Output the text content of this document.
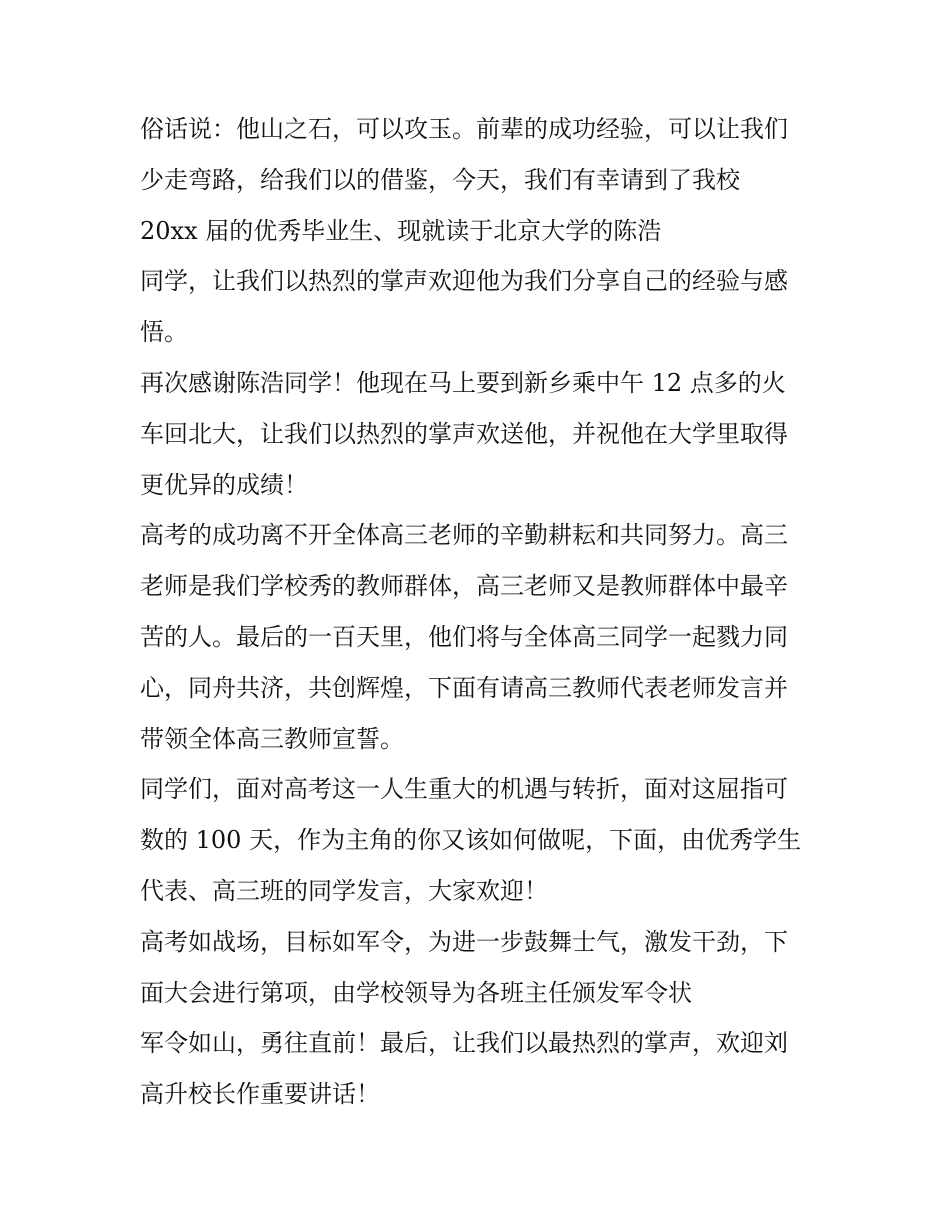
俗话说：他山之石，可以攻玉。前辈的成功经验，可以让我们
少走弯路，给我们以的借鉴，今天，我们有幸请到了我校
20xx 届的优秀毕业生、现就读于北京大学的陈浩
同学，让我们以热烈的掌声欢迎他为我们分享自己的经验与感
悟。
再次感谢陈浩同学！他现在马上要到新乡乘中午 12 点多的火
车回北大，让我们以热烈的掌声欢送他，并祝他在大学里取得
更优异的成绩！
高考的成功离不开全体高三老师的辛勤耕耘和共同努力。高三
老师是我们学校秀的教师群体，高三老师又是教师群体中最辛
苦的人。最后的一百天里，他们将与全体高三同学一起戮力同
心，同舟共济，共创辉煌，下面有请高三教师代表老师发言并
带领全体高三教师宣誓。
同学们，面对高考这一人生重大的机遇与转折，面对这屈指可
数的 100 天，作为主角的你又该如何做呢，下面，由优秀学生
代表、高三班的同学发言，大家欢迎！
高考如战场，目标如军令，为进一步鼓舞士气，激发干劲，下
面大会进行第项，由学校领导为各班主任颁发军令状
军令如山，勇往直前！最后，让我们以最热烈的掌声，欢迎刘
高升校长作重要讲话！
